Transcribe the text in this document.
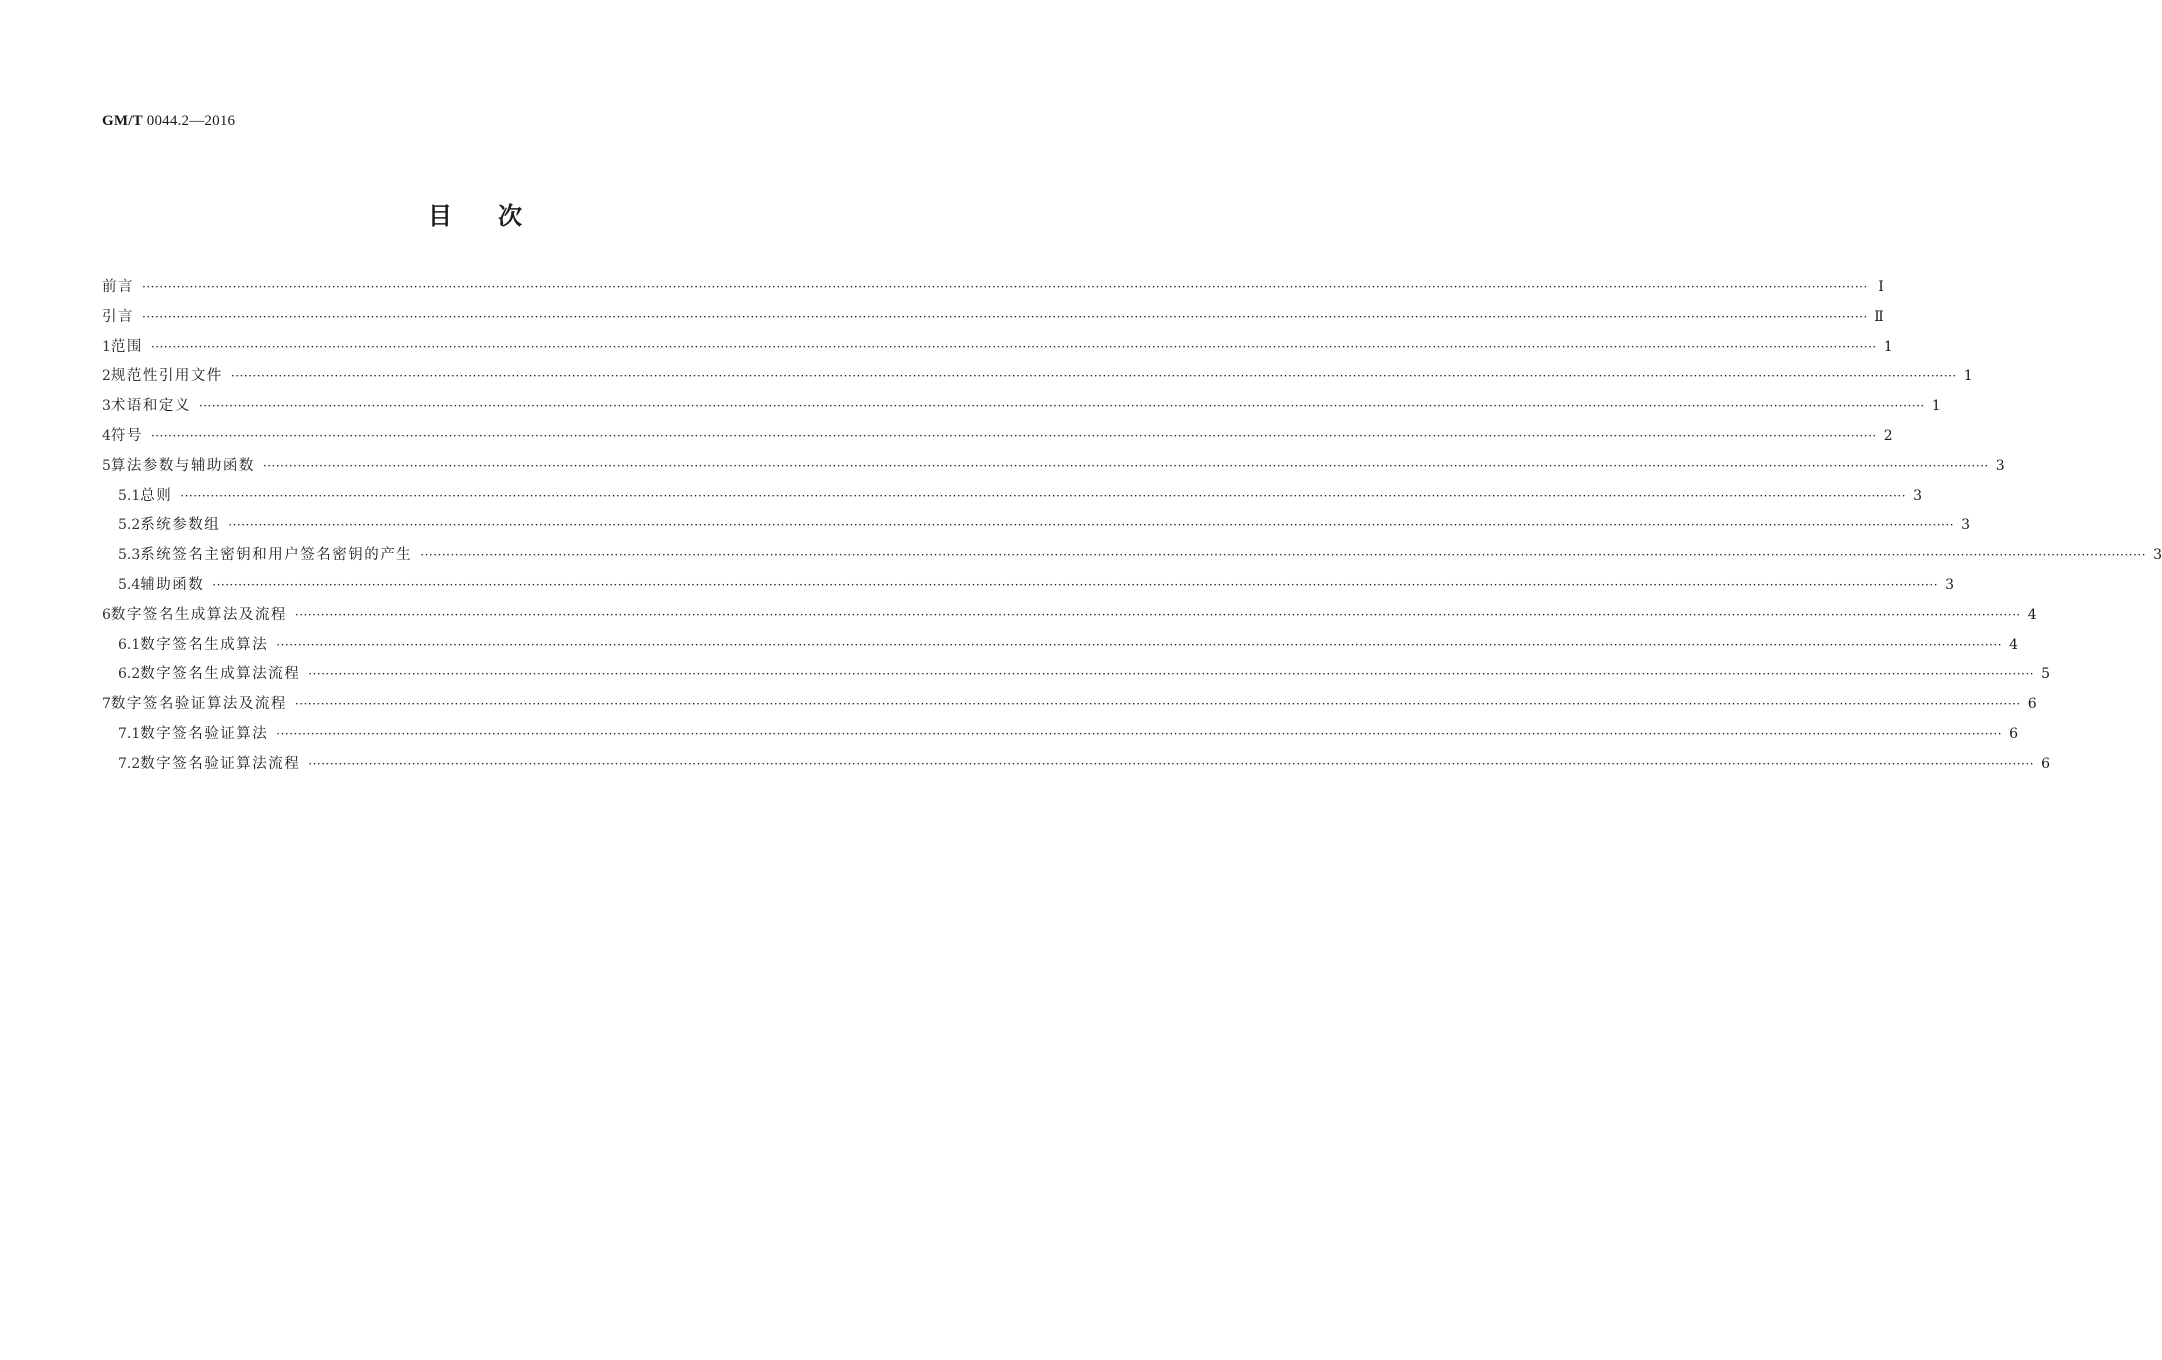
GM/T 0044.2—2016
目次
前言 ················································································································································································································································································································································································································ Ⅰ
引言 ················································································································································································································································································································································································································ Ⅱ
1 范围 ················································································································································································································································································································································································································ 1
2 规范性引用文件 ················································································································································································································································································································································································································ 1
3 术语和定义 ················································································································································································································································································································································································································ 1
4 符号 ················································································································································································································································································································································································································ 2
5 算法参数与辅助函数 ················································································································································································································································································································································································································ 3
5.1 总则 ················································································································································································································································································································································································································ 3
5.2 系统参数组 ················································································································································································································································································································································································································ 3
5.3 系统签名主密钥和用户签名密钥的产生 ················································································································································································································································································································································································································ 3
5.4 辅助函数 ················································································································································································································································································································································································································ 3
6 数字签名生成算法及流程 ················································································································································································································································································································································································································ 4
6.1 数字签名生成算法 ················································································································································································································································································································································································································ 4
6.2 数字签名生成算法流程 ················································································································································································································································································································································································································ 5
7 数字签名验证算法及流程 ················································································································································································································································································································································································································ 6
7.1 数字签名验证算法 ················································································································································································································································································································································································································ 6
7.2 数字签名验证算法流程 ················································································································································································································································································································································································································ 6
